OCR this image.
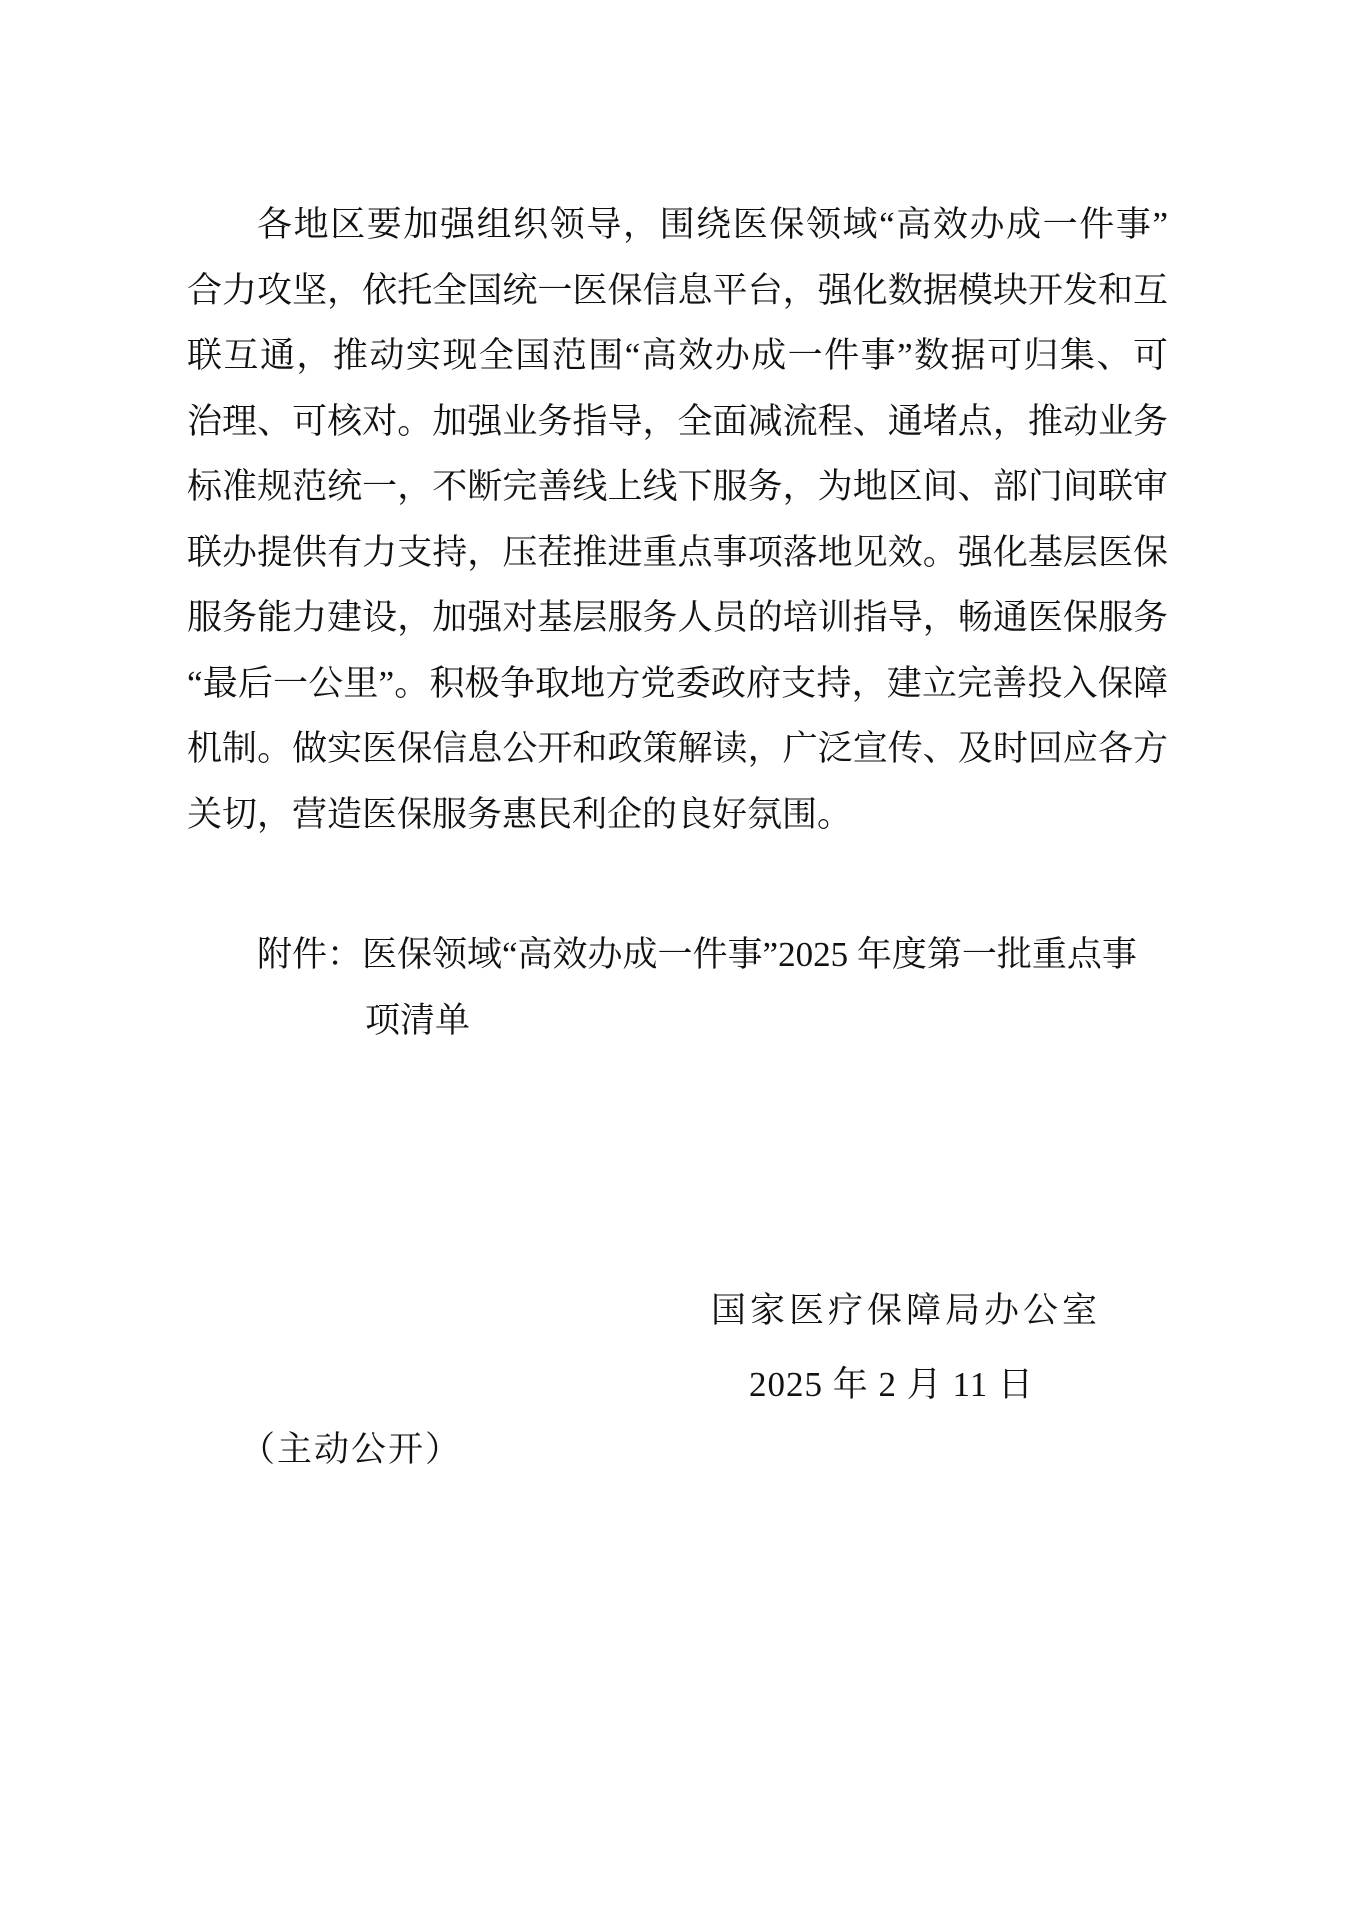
各地区要加强组织领导，围绕医保领域“高效办成一件事”
合力攻坚，依托全国统一医保信息平台，强化数据模块开发和互
联互通，推动实现全国范围“高效办成一件事”数据可归集、可
治理、可核对。加强业务指导，全面减流程、通堵点，推动业务
标准规范统一，不断完善线上线下服务，为地区间、部门间联审
联办提供有力支持，压茬推进重点事项落地见效。强化基层医保
服务能力建设，加强对基层服务人员的培训指导，畅通医保服务
“最后一公里”。积极争取地方党委政府支持，建立完善投入保障
机制。做实医保信息公开和政策解读，广泛宣传、及时回应各方
关切，营造医保服务惠民利企的良好氛围。
附件：医保领域“高效办成一件事”2025 年度第一批重点事
项清单
国家医疗保障局办公室
2025 年 2 月 11 日
（主动公开）
